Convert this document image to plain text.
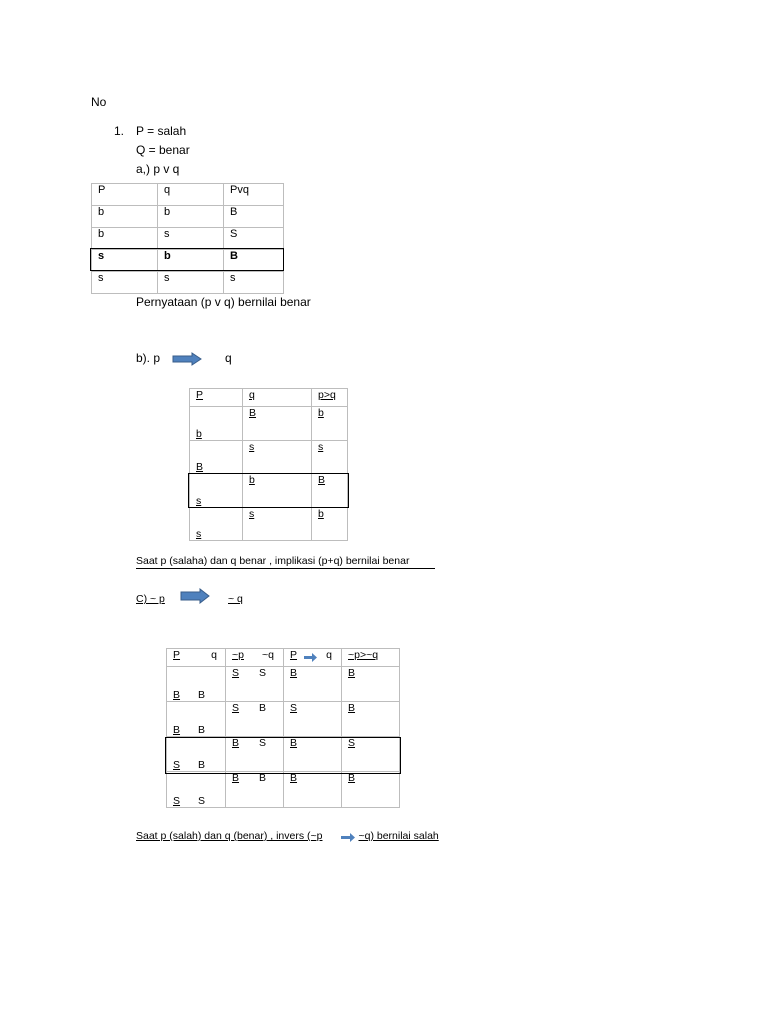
No
1. P = salah
Q = benar
a,) p v q
P	q	Pvq
b	b	B
b	s	S
s	b	B
s	s	s
Pernyataan (p v q) bernilai benar
b). p	q
P	q	p>q
b	B	b
B	s	s
s	b	B
s	s	b
Saat p (salaha) dan q benar , implikasi (p+q) bernilai benar
C) ~ p	~ q
P q	~p ~q	P q	~p>~q
B B	S S	B	B
B B	S B	S	B
S B	B S	B	S
S S	B B	B	B
Saat p (salah) dan q (benar) , invers (~p	~q) bernilai salah
